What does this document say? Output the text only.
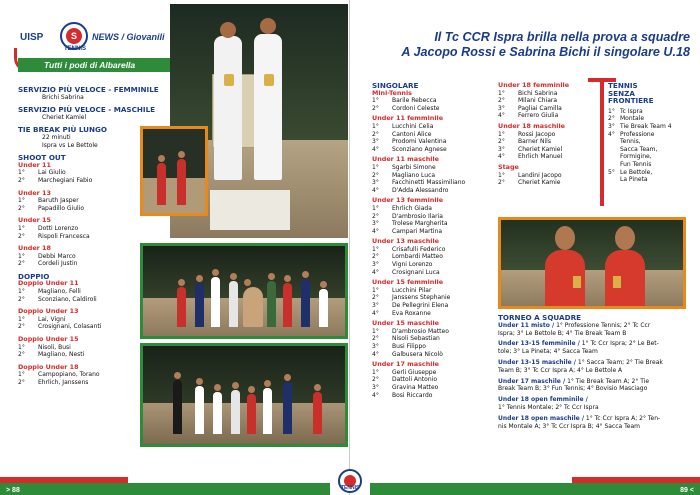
UISP	S
TENNIS
NEWS / Giovanili
Tutti i podi di Albarella
SERVIZIO PIÙ VELOCE - FEMMINILE
Brichi Sabrina
SERVIZIO PIÙ VELOCE - MASCHILE
Cheriet Kamiel
TIE BREAK PIÙ LUNGO
22 minuti
Ispra vs Le Bettole
SHOOT OUT
Under 11
1°	Lai Giulio
2°	Marchegiani Fabio
Under 13
1°	Baruth Jasper
2°	Papadillo Giulio
Under 15
1°	Dotti Lorenzo
2°	Rispoli Francesca
Under 18
1°	Debbi Marco
2°	Cordeli Justin
DOPPIO
Doppio Under 11
1°	Magliano, Felli
2°	Sconziano, Caldiroli
Doppio Under 13
1°	Lai, Vigni
2°	Crosignani, Colasanti
Doppio Under 15
1°	Nisoli, Busi
2°	Magliano, Nesti
Doppio Under 18
1°	Campopiano, Torano
2°	Ehrlich, Janssens
> 88
Il Tc CCR Ispra brilla nella prova a squadre
A Jacopo Rossi e Sabrina Bichi il singolare U.18
SINGOLARE
Mini-Tennis
1°	Barile Rebecca
2°	Cordoni Celeste
Under 11 femminile
1°	Lucchini Celia
2°	Cantoni Alice
3°	Prodomi Valentina
4°	Sconziano Agnese
Under 11 maschile
1°	Sgarbi Simone
2°	Magliano Luca
3°	Facchinetti Massimiliano
4°	D'Adda Alessandro
Under 13 femminile
1°	Ehrlich Giada
2°	D'ambrosio Ilaria
3°	Trolese Margherita
4°	Campari Martina
Under 13 maschile
1°	Crisafulli Federico
2°	Lombardi Matteo
3°	Vigni Lorenzo
4°	Crosignani Luca
Under 15 femminile
1°	Lucchini Pilar
2°	Janssens Stephanie
3°	De Pellegrini Elena
4°	Eva Roxanne
Under 15 maschile
1°	D'ambrosio Matteo
2°	Nisoli Sebastian
3°	Busi Filippo
4°	Galbusera Nicolò
Under 17 maschile
1°	Gerli Giuseppe
2°	Dattoli Antonio
3°	Gravina Matteo
4°	Bosi Riccardo
Under 18 femminile
1°	Bichi Sabrina
2°	Milani Chiara
3°	Pagliai Camilla
4°	Ferrero Giulia
Under 18 maschile
1°	Rossi Jacopo
2°	Barner Nils
3°	Cheriet Kamiel
4°	Ehrlich Manuel
Stage
1°	Landini Jacopo
2°	Cheriet Kamie
TENNIS
SENZA
FRONTIERE
1° Tc Ispra
2° Montale
3° Tie Break Team 4
4° Professione
Tennis,
Sacca Team,
Formigine,
Fun Tennis
5° Le Bettole,
La Pineta
TORNEO A SQUADRE
Under 11 misto / 1° Professione Tennis; 2° Tc Ccr
Ispra; 3° Le Bettole B; 4° Tie Break Team B
Under 13-15 femminile / 1° Tc Ccr Ispra; 2° Le Bet-
tole; 3° La Pineta; 4° Sacca Team
Under 13-15 maschile / 1° Sacca Team; 2° Tie Break
Team B; 3° Tc Ccr Ispra A; 4° Le Bettole A
Under 17 maschile / 1° Tie Break Team A; 2° Tie
Break Team B; 3° Fun Tennis; 4° Bovisio Masciago
Under 18 open femminile /
1° Tennis Montale; 2° Tc Ccr Ispra
Under 18 open maschile / 1° Tc Ccr Ispra A; 2° Ten-
nis Montale A; 3° Tc Ccr Ispra B; 4° Sacca Team
89 <
TENNIS
